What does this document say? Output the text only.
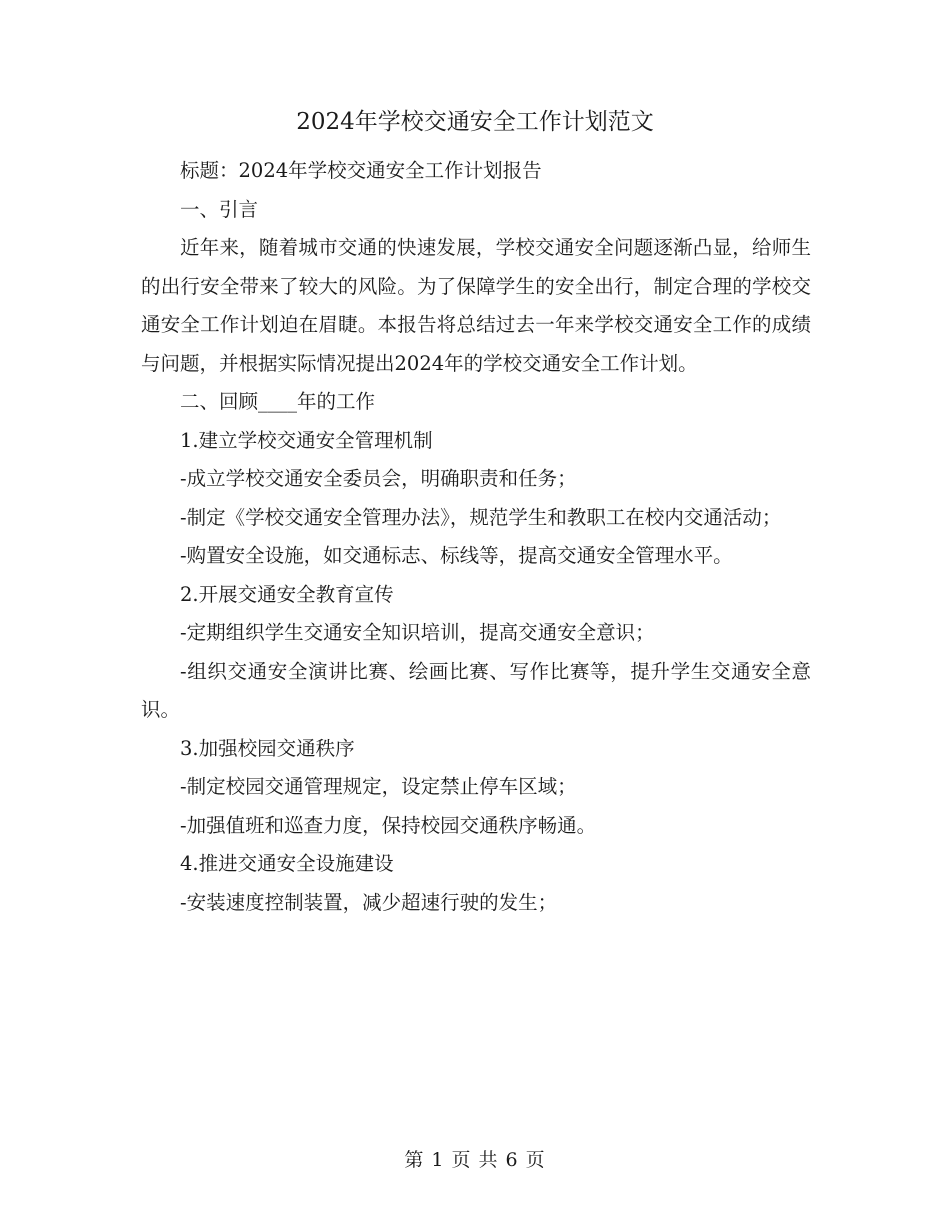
2024年学校交通安全工作计划范文

标题：2024年学校交通安全工作计划报告

一、引言

近年来，随着城市交通的快速发展，学校交通安全问题逐渐凸显，给师生的出行安全带来了较大的风险。为了保障学生的安全出行，制定合理的学校交通安全工作计划迫在眉睫。本报告将总结过去一年来学校交通安全工作的成绩与问题，并根据实际情况提出2024年的学校交通安全工作计划。

二、回顾____年的工作

1.建立学校交通安全管理机制

-成立学校交通安全委员会，明确职责和任务；

-制定《学校交通安全管理办法》，规范学生和教职工在校内交通活动；

-购置安全设施，如交通标志、标线等，提高交通安全管理水平。

2.开展交通安全教育宣传

-定期组织学生交通安全知识培训，提高交通安全意识；

-组织交通安全演讲比赛、绘画比赛、写作比赛等，提升学生交通安全意识。

3.加强校园交通秩序

-制定校园交通管理规定，设定禁止停车区域；

-加强值班和巡查力度，保持校园交通秩序畅通。

4.推进交通安全设施建设

-安装速度控制装置，减少超速行驶的发生；

第 1 页 共 6 页
